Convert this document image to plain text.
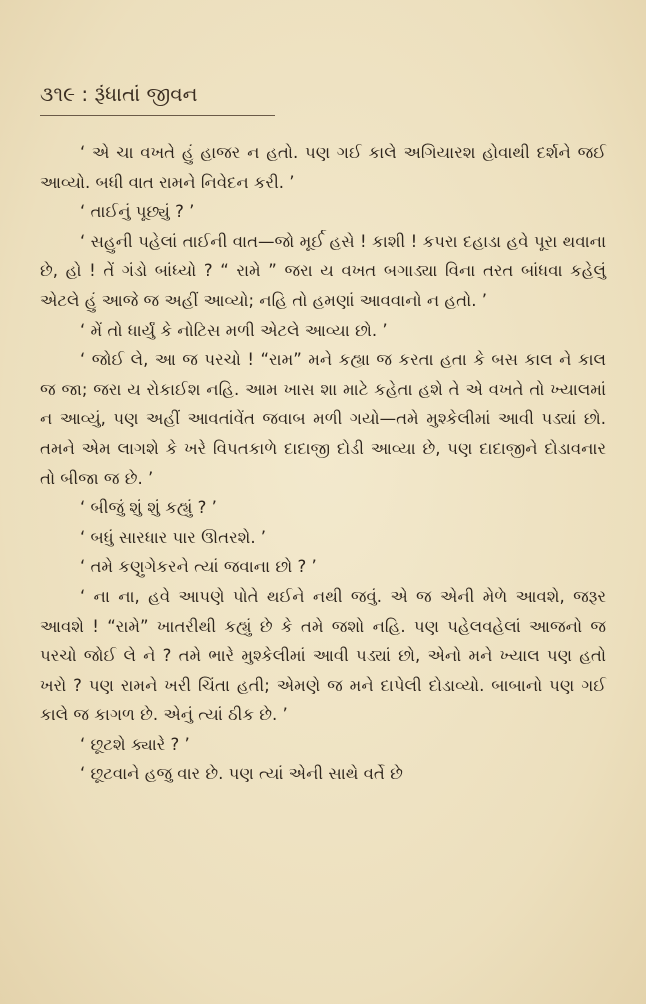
૩૧૯ : રૂંધાતાં જીવન

‘ એ ચા વખતે હું હાજર ન હતો. પણ ગઈ કાલે અગિયારશ હોવાથી દર્શને જઈ આવ્યો. બધી વાત રામને નિવેદન કરી. ’

‘ તાઈનું પૂછ્યું ? ’

‘ સહુની પહેલાં તાઈની વાત—જો મૂર્ઈ હસે ! કાશી ! કપરા દહાડા હવે પૂરા થવાના છે, હો ! તેં ગંડો બાંધ્યો ? “ રામે ” જરા ય વખત બગાડ્યા વિના તરત બાંધવા કહેલું એટલે હું આજે જ અહીં આવ્યો; નહિ તો હમણાં આવવાનો ન હતો. ’

‘ મેં તો ધાર્યું કે નોટિસ મળી એટલે આવ્યા છો. ’

‘ જોઈ લે, આ જ પરચો ! “રામ” મને કહ્યા જ કરતા હતા કે બસ કાલ ને કાલ જ જા; જરા ય રોકાઈશ નહિ. આમ ખાસ શા માટે કહેતા હશે તે એ વખતે તો ખ્યાલમાં ન આવ્યું, પણ અહીં આવતાંવેંત જવાબ મળી ગયો—તમે મુશ્કેલીમાં આવી પડ્યાં છો. તમને એમ લાગશે કે ખરે વિપતકાળે દાદાજી દોડી આવ્યા છે, પણ દાદાજીને દોડાવનાર તો બીજા જ છે. ’

‘ બીજું શું શું કહ્યું ? ’

‘ બધું સારધાર પાર ઊતરશે. ’

‘ તમે કણુગેકરને ત્યાં જવાના છો ? ’

‘ ના ના, હવે આપણે પોતે થઈને નથી જવું. એ જ એની મેળે આવશે, જરૂર આવશે ! “રામે” ખાતરીથી કહ્યું છે કે તમે જશો નહિ. પણ પહેલવહેલાં આજનો જ પરચો જોઈ લે ને ? તમે ભારે મુશ્કેલીમાં આવી પડ્યાં છો, એનો મને ખ્યાલ પણ હતો ખરો ? પણ રામને ખરી ચિંતા હતી; એમણે જ મને દાપેલી દોડાવ્યો. બાબાનો પણ ગઈ કાલે જ કાગળ છે. એનું ત્યાં ઠીક છે. ’

‘ છૂટશે ક્યારે ? ’

‘ છૂટવાને હજુ વાર છે. પણ ત્યાં એની સાથે વર્તે છે
